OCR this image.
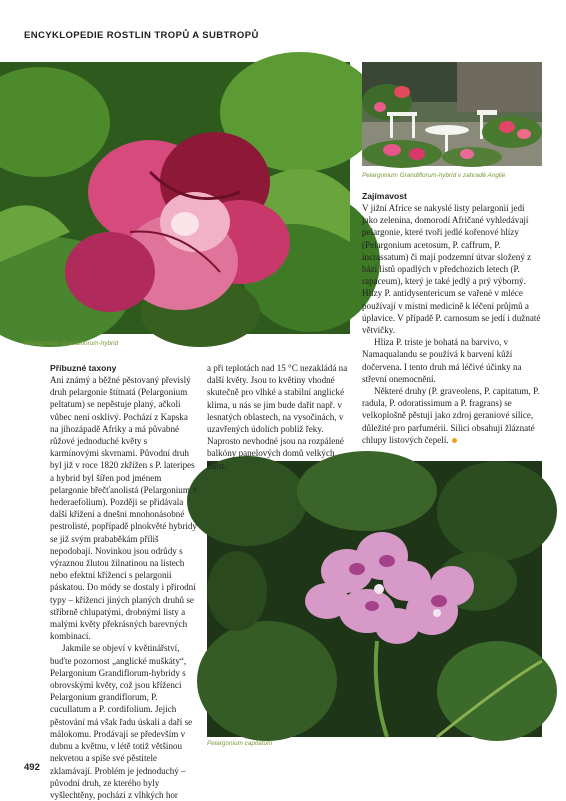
ENCYKLOPEDIE ROSTLIN TROPŮ A SUBTROPŮ
Pelargonium Grandiflorum-hybrid
Pelargonium Grandiflorum-hybrid v zahradě Anglie
Pelargonium capitatum

Příbuzné taxony

Ani známý a běžné pěstovaný převislý druh pelargonie štítnatá (Pelargonium peltatum) se nepěstuje planý, ačkoli vůbec není osklivý. Pochází z Kapska na jihozápadě Afriky a má půvabné růžové jednoduché květy s karmínovými skvrnami. Původní druh byl již v roce 1820 zkřížen s P. lateripes a hybrid byl šířen pod jménem pelargonie břečťanolistá (Pelargonium × hederaefolium). Později se přidávala další křížení a dnešní mnohonásobné pestrolisté, popřípadě plnokvěté hybridy se již svým prababěkám příliš nepodobají. Novinkou jsou odrůdy s výraznou žlutou žilnatinou na listech nebo efektní kříženci s pelargonií páskatou. Do módy se dostaly i přírodní typy – kříženci jiných planých druhů se stříbrně chlupatými, drobnými listy a malými květy překrásných barevných kombinací.

Jakmile se objeví v květinářství, buďte pozornost „anglické muškáty“, Pelargonium Grandiflorum-hybridy s obrovskými květy, což jsou kříženci Pelargonium grandiflorum, P. cucullatum a P. cordifolium. Jejich pěstování má však řadu úskalí a daří se málokomu. Prodávají se především v dubnu a květnu, v létě totiž většinou nekvetou a spíše své pěstitele zklamávají. Problém je jednoduchý – původní druh, ze kterého byly vyšlechtěny, pochází z vlhkých hor

a při teplotách nad 15 °C nezakládá na další květy. Jsou to květiny vhodné skutečně pro vlhké a stabilní anglické klima, u nás se jim bude dařit např. v lesnatých oblastech, na vysočinách, v uzavřených údolích pobliž řeky. Naprosto nevhodné jsou na rozpálené balkóny panelových domů velkých měst.

Zajímavost

V jižní Africe se nakyslé listy pelargonií jedí jako zelenina, domorodí Afričané vyhledávají pelargonie, které tvoří jedlé kořenové hlízy (Pelargonium acetosum, P. caffrum, P. incrassatum) či mají podzemní útvar složený z bází listů opadlých v předchozích letech (P. rapaceum), který je také jedlý a prý výborný. Hlízy P. antidysentericum se vařené v mléce používají v místní medicíně k léčení průjmů a úplavice. V případě P. carnosum se jedí i dužnaté větvičky.

Hlíza P. triste je bohatá na barvivo, v Namaqualandu se používá k barvení kůží dočervena. I tento druh má léčivé účinky na střevní onemocnění.

Některé druhy (P. graveolens, P. capitatum, P. radula, P. odoratissimum a P. fragrans) se velkoplošně pěstují jako zdroj geraniové silice, důležité pro parfumérii. Silicí obsahují žláznaté chlupy listových čepelí.

492
